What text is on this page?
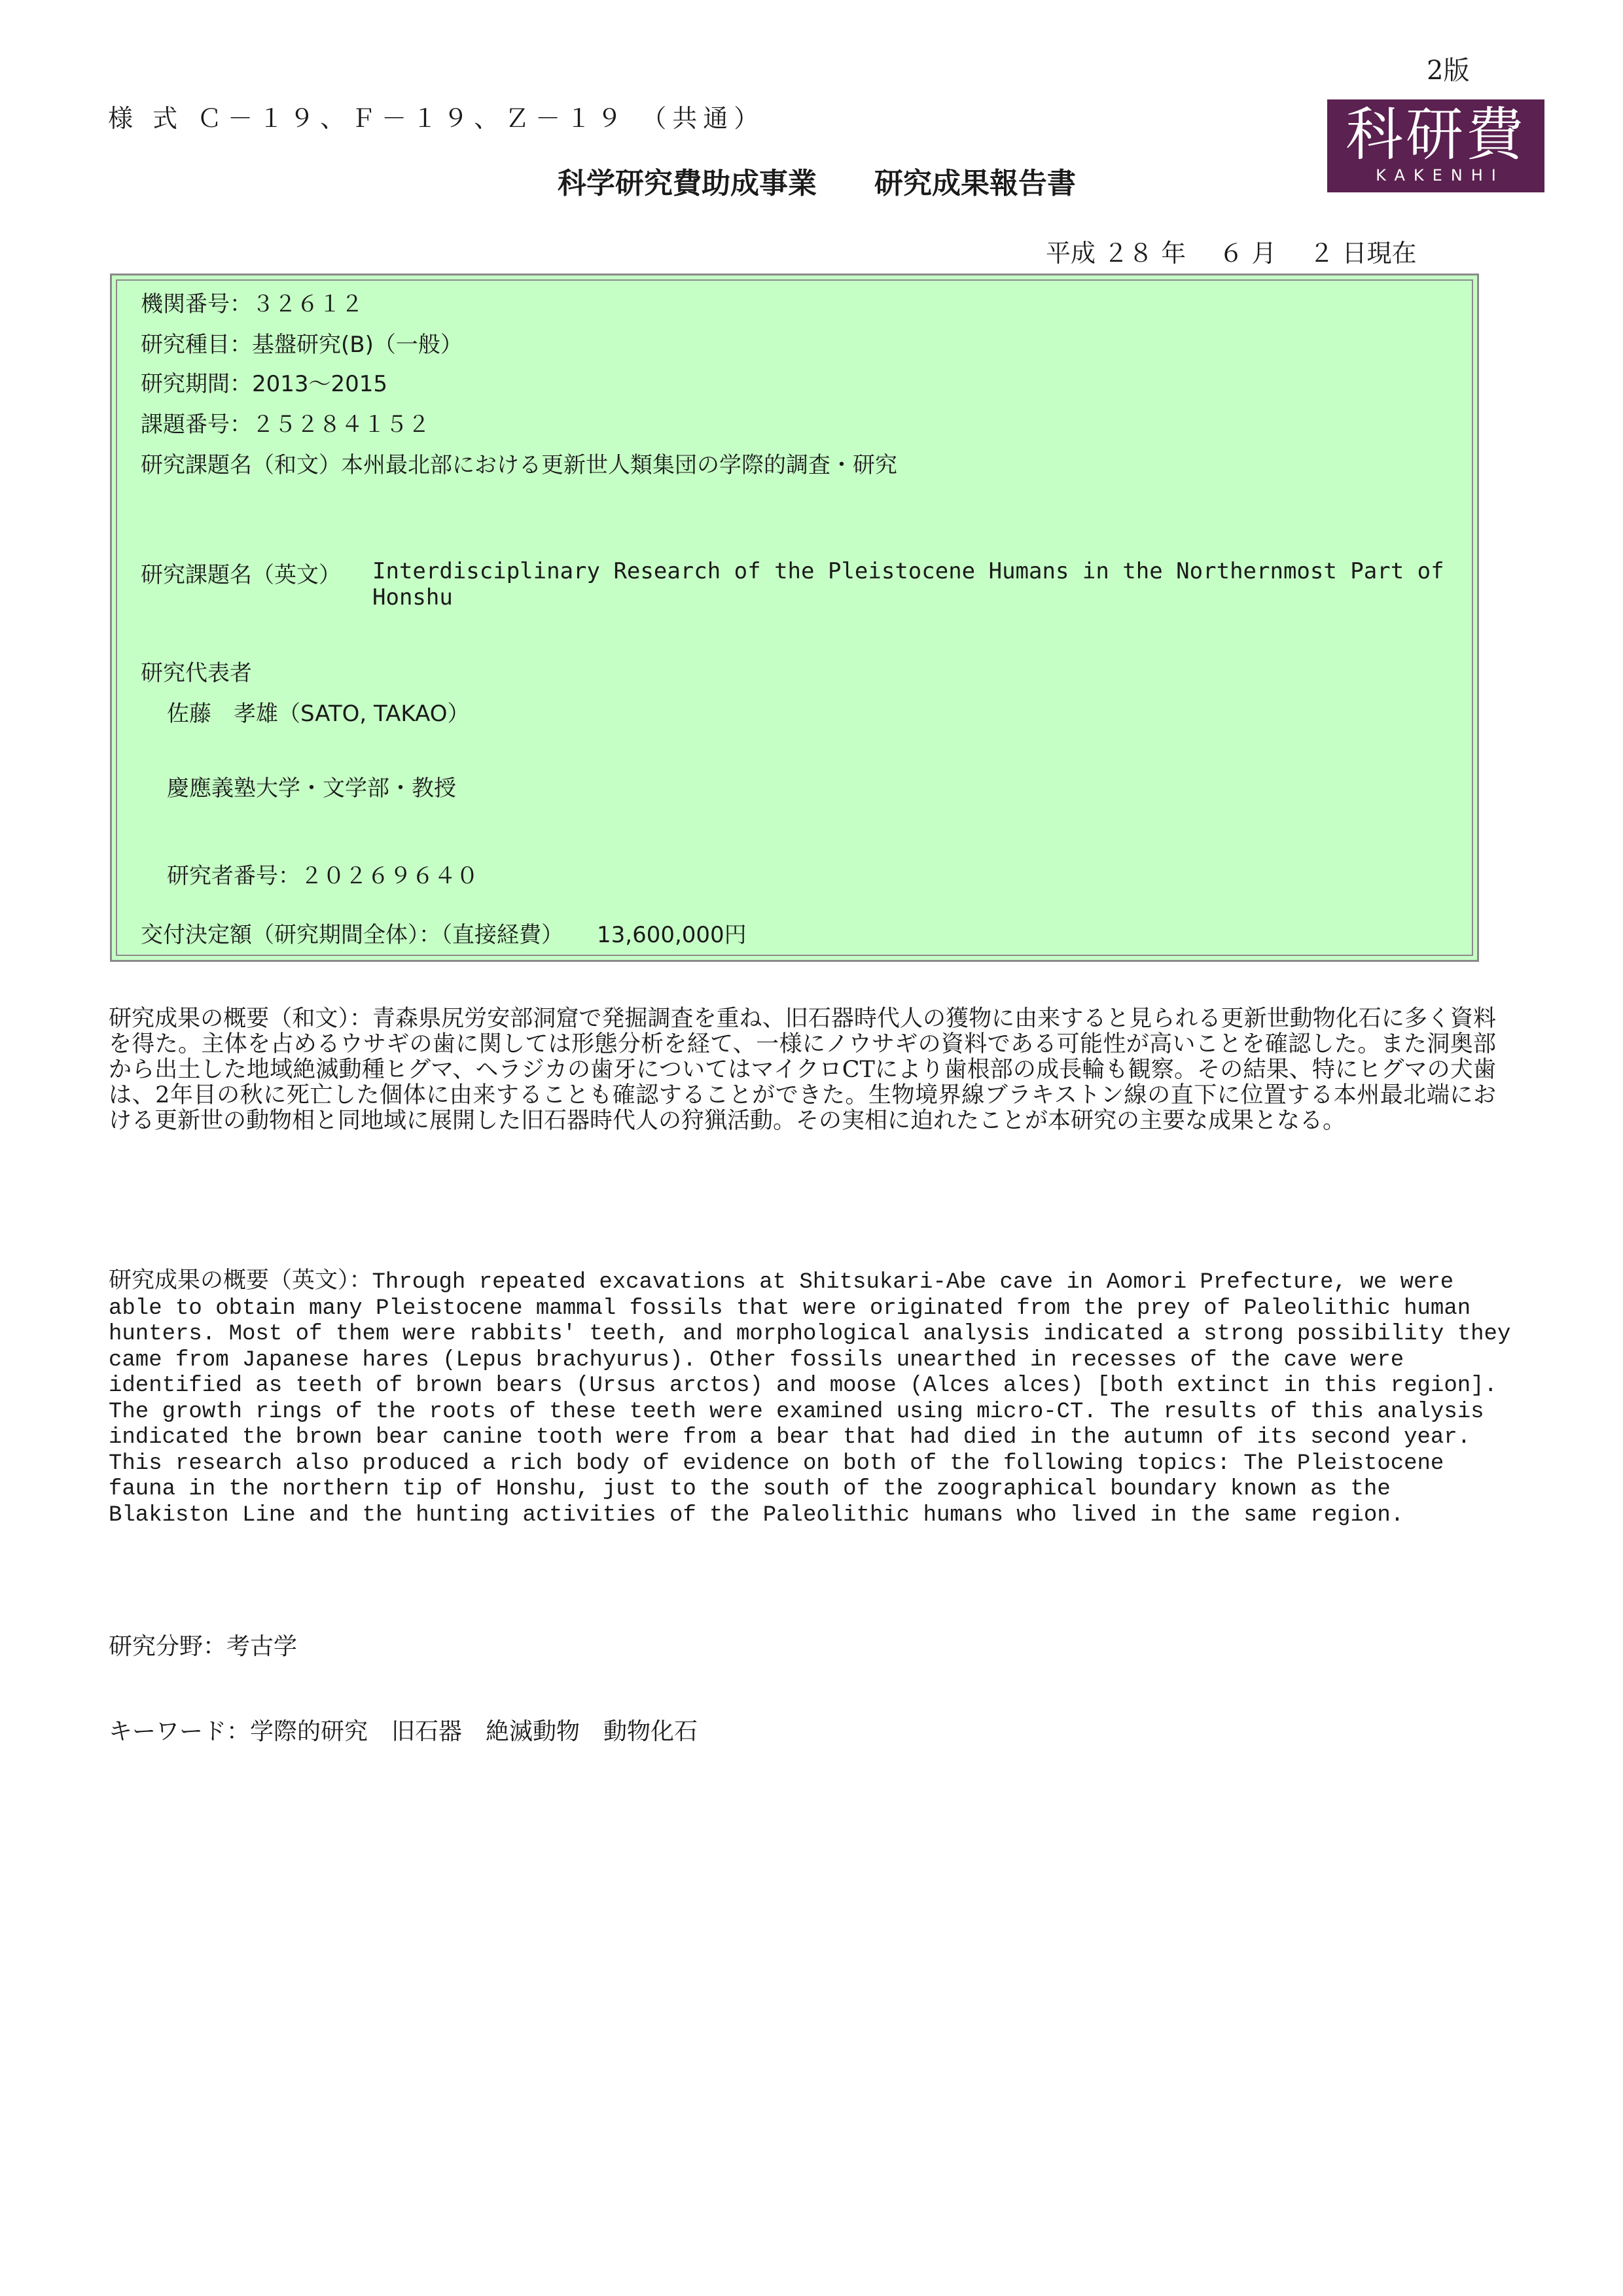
2版
様 式 Ｃ－１９、Ｆ－１９、Ｚ－１９ （共通）	科研費
KAKENHI
科学研究費助成事業　　研究成果報告書
平成 ２８ 年　 ６ 月　 ２ 日現在
機関番号：３２６１２
研究種目：基盤研究(B)（一般）
研究期間：2013～2015
課題番号：２５２８４１５２
研究課題名（和文）本州最北部における更新世人類集団の学際的調査・研究
研究課題名（英文） Interdisciplinary Research of the Pleistocene Humans in the Northernmost Part of
Honshu
研究代表者
佐藤　孝雄（SATO, TAKAO）
慶應義塾大学・文学部・教授
研究者番号：２０２６９６４０
交付決定額（研究期間全体）：（直接経費）　　13,600,000円
研究成果の概要（和文）：青森県尻労安部洞窟で発掘調査を重ね、旧石器時代人の獲物に由来すると見られる更新世動物化石に多く資料を得た。主体を占めるウサギの歯に関しては形態分析を経て、一様にノウサギの資料である可能性が高いことを確認した。また洞奥部から出土した地域絶滅動種ヒグマ、ヘラジカの歯牙についてはマイクロCTにより歯根部の成長輪も観察。その結果、特にヒグマの犬歯は、2年目の秋に死亡した個体に由来することも確認することができた。生物境界線ブラキストン線の直下に位置する本州最北端における更新世の動物相と同地域に展開した旧石器時代人の狩猟活動。その実相に迫れたことが本研究の主要な成果となる。
研究成果の概要（英文）：Through repeated excavations at Shitsukari-Abe cave in Aomori Prefecture, we were
able to obtain many Pleistocene mammal fossils that were originated from the prey of Paleolithic human
hunters. Most of them were rabbits' teeth, and morphological analysis indicated a strong possibility they
came from Japanese hares (Lepus brachyurus). Other fossils unearthed in recesses of the cave were
identified as teeth of brown bears (Ursus arctos) and moose (Alces alces) [both extinct in this region].
The growth rings of the roots of these teeth were examined using micro-CT. The results of this analysis
indicated the brown bear canine tooth were from a bear that had died in the autumn of its second year.
This research also produced a rich body of evidence on both of the following topics: The Pleistocene
fauna in the northern tip of Honshu, just to the south of the zoographical boundary known as the
Blakiston Line and the hunting activities of the Paleolithic humans who lived in the same region.
研究分野：考古学
キーワード：学際的研究　旧石器　絶滅動物　動物化石
